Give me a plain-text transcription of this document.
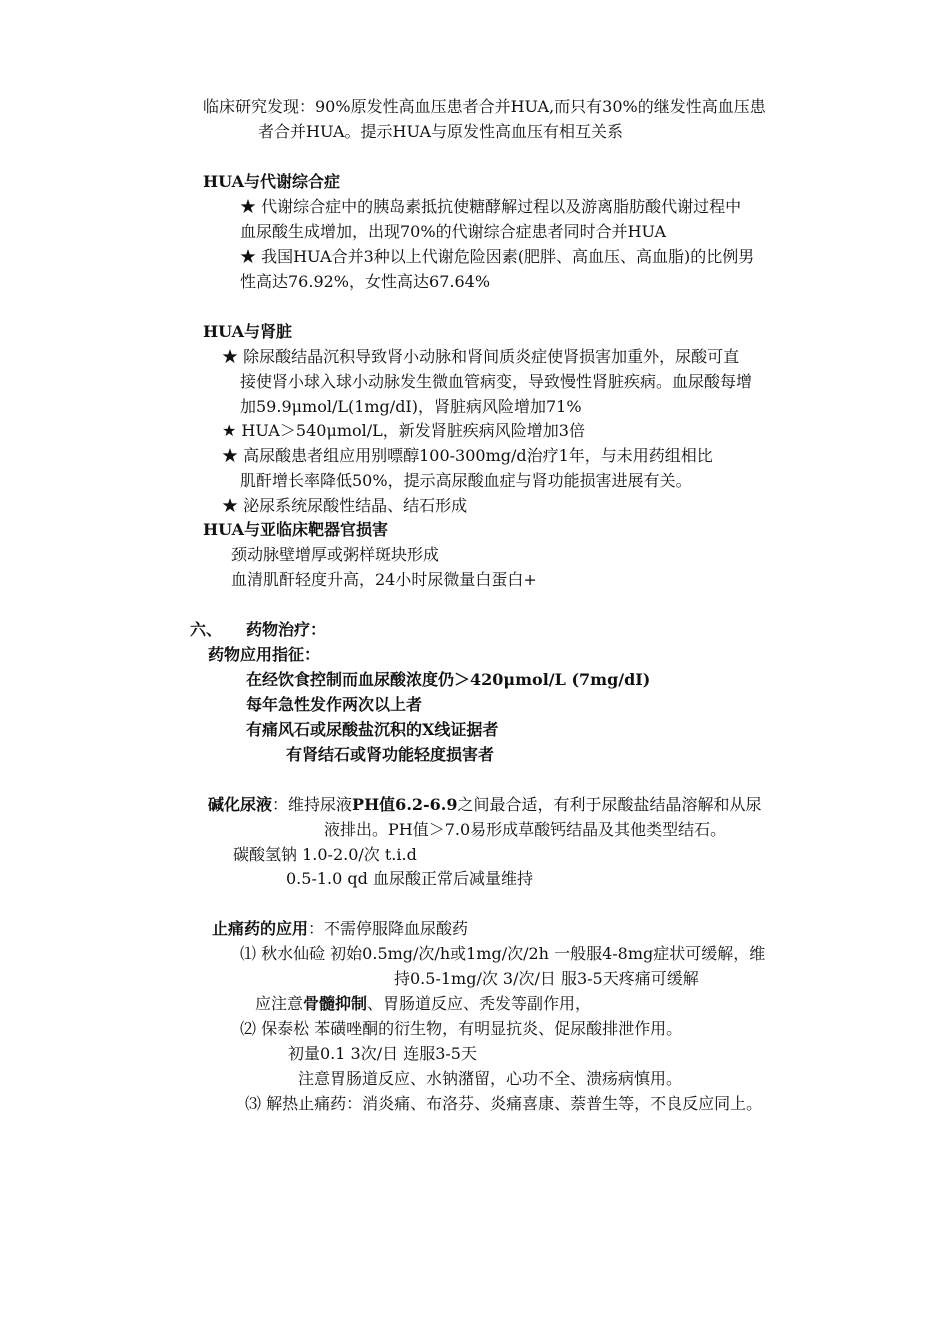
临床研究发现：90%原发性高血压患者合并HUA,而只有30%的继发性高血压患
者合并HUA。提示HUA与原发性高血压有相互关系
HUA与代谢综合症
★ 代谢综合症中的胰岛素抵抗使糖酵解过程以及游离脂肪酸代谢过程中
血尿酸生成增加，出现70%的代谢综合症患者同时合并HUA
★ 我国HUA合并3种以上代谢危险因素(肥胖、高血压、高血脂)的比例男
性高达76.92%，女性高达67.64%
HUA与肾脏
★ 除尿酸结晶沉积导致肾小动脉和肾间质炎症使肾损害加重外，尿酸可直
接使肾小球入球小动脉发生微血管病变，导致慢性肾脏疾病。血尿酸每增
加59.9μmol/L(1mg/dI)，肾脏病风险增加71%
★ HUA＞540μmol/L，新发肾脏疾病风险增加3倍
★ 高尿酸患者组应用别嘌醇100-300mg/d治疗1年，与未用药组相比
肌酐增长率降低50%，提示高尿酸血症与肾功能损害进展有关。
★ 泌尿系统尿酸性结晶、结石形成
HUA与亚临床靶器官损害
颈动脉壁增厚或粥样斑块形成
血清肌酐轻度升高，24小时尿微量白蛋白+
六、 药物治疗：
药物应用指征：
在经饮食控制而血尿酸浓度仍＞420μmol/L (7mg/dI)
每年急性发作两次以上者
有痛风石或尿酸盐沉积的X线证据者
有肾结石或肾功能轻度损害者
碱化尿液：维持尿液PH值6.2-6.9之间最合适，有利于尿酸盐结晶溶解和从尿
液排出。PH值＞7.0易形成草酸钙结晶及其他类型结石。
碳酸氢钠 1.0-2.0/次 t.i.d
0.5-1.0 qd 血尿酸正常后减量维持
止痛药的应用：不需停服降血尿酸药
⑴ 秋水仙硷 初始0.5mg/次/h或1mg/次/2h 一般服4-8mg症状可缓解，维
持0.5-1mg/次 3/次/日 服3-5天疼痛可缓解
应注意骨髓抑制、胃肠道反应、秃发等副作用，
⑵ 保泰松 苯磺唑酮的衍生物，有明显抗炎、促尿酸排泄作用。
初量0.1 3次/日 连服3-5天
注意胃肠道反应、水钠潴留，心功不全、溃疡病慎用。
⑶ 解热止痛药：消炎痛、布洛芬、炎痛喜康、萘普生等，不良反应同上。
